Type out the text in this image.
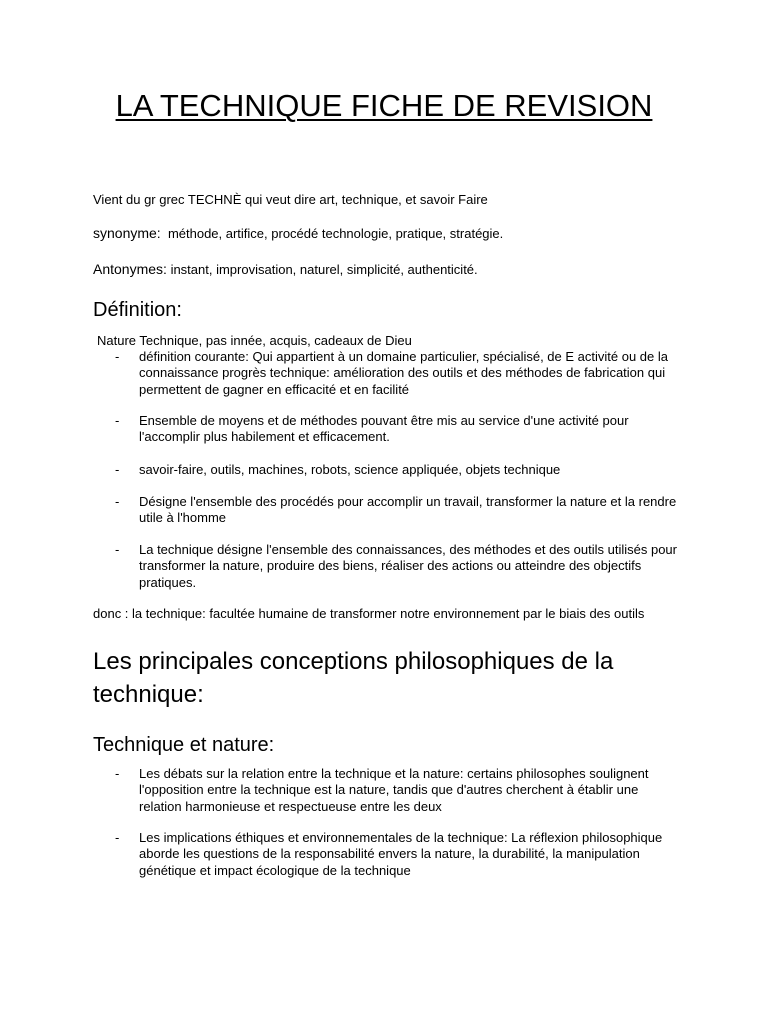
LA TECHNIQUE FICHE DE REVISION
Vient du gr grec TECHNÈ qui veut dire art, technique, et savoir Faire
synonyme: méthode, artifice, procédé technologie, pratique, stratégie.
Antonymes: instant, improvisation, naturel, simplicité, authenticité.
Définition:
Nature Technique, pas innée, acquis, cadeaux de Dieu
- définition courante: Qui appartient à un domaine particulier, spécialisé, de E activité ou de la connaissance progrès technique: amélioration des outils et des méthodes de fabrication qui permettent de gagner en efficacité et en facilité
- Ensemble de moyens et de méthodes pouvant être mis au service d'une activité pour l'accomplir plus habilement et efficacement.
- savoir-faire, outils, machines, robots, science appliquée, objets technique
- Désigne l'ensemble des procédés pour accomplir un travail, transformer la nature et la rendre utile à l'homme
- La technique désigne l'ensemble des connaissances, des méthodes et des outils utilisés pour transformer la nature, produire des biens, réaliser des actions ou atteindre des objectifs pratiques.
donc : la technique: facultée humaine de transformer notre environnement par le biais des outils
Les principales conceptions philosophiques de la technique:
Technique et nature:
- Les débats sur la relation entre la technique et la nature: certains philosophes soulignent l'opposition entre la technique est la nature, tandis que d'autres cherchent à établir une relation harmonieuse et respectueuse entre les deux
- Les implications éthiques et environnementales de la technique: La réflexion philosophique aborde les questions de la responsabilité envers la nature, la durabilité, la manipulation génétique et impact écologique de la technique
